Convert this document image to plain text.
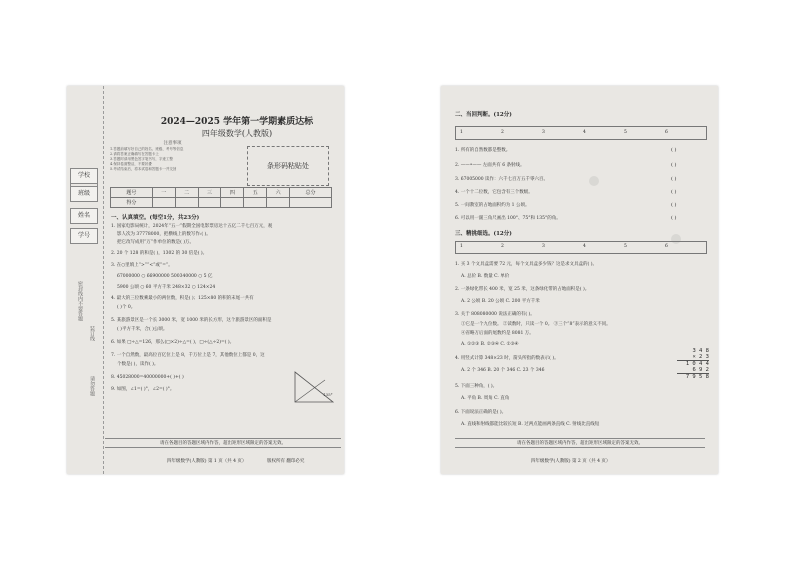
学校
班级
姓名
学号
密封线内不要答题
装订线
请勿答题
2024—2025 学年第一学期素质达标
四年级数学(人教版)
注意事项
1.答题前填写好自己的姓名、班级、考号等信息
2.请将答案正确填写在答题卡上
3.答题时请用黑色签字笔书写，字迹工整
4.保持卷面整洁，不要折叠
5.考试结束后，将本试卷和答题卡一并交回	条形码粘贴处
题号	一	二	三	四	五	六	总分
得分							
一、认真填空。(每空1分，共23分)
1. 国家电影局统计，2024年“五一”假期全国电影票房达十五亿二千七百万元，观
影人次为 37778000，把横线上的数写作:( )。
把它改写成用“万”作单位的数是( )万。
2. 20 个 128 的和是( )，1302 的 30 倍是( )。
3. 在○里填上“>”“<”或“=”。
67000000 ○ 66900000 500340000 ○ 5 亿
5900 公顷 ○ 60 平方千米 248×32 ○ 124×24
4. 最大的三位数乘最小的两位数，积是( )；125×80 的积的末尾一共有
( )个 0。
5. 某旅游景区是一个长 3000 米，宽 1000 米的长方形，这个旅游景区的面积是
( )平方千米，合( )公顷。
6. 如果 □÷△=126，那么(□×2)÷△=( )，□÷(△÷2)=( )。
7. 一个自然数，最高位百亿位上是 8，千万位上是 7，其他数位上都是 0，这
个数是( )，读作( )。
8. 45028000=40000000+( )+( )
9. 如图，∠1=( )°，∠2=( )°。
135°
请在各题目的答题区域内作答，超出矩形区域限定的答案无效。
四年级数学(人教版) 第 1 页（共 4 页）	版权所有 翻印必究
二、当回判断。(12分)
1	2	3	4	5	6
1. 所有的自然数都是整数。	( )
2. ——•—— 左面共有 6 条射线。	( )
3. 67005000 读作：六千七百万五千零六百。	( )
4. 一个十二位数，它包含有三个数级。	( )
5. 一间教室的占地面积约为 1 公顷。	( )
6. 可以用一副三角尺画出 100°、75°和 135°的角。	( )
三、精挑细选。(12分)
1	2	3	4	5	6
1. 买 3 个文具盒需要 72 元，每个文具盒多少钱？这是求文具盒的( )。
A. 总价 B. 数量 C. 单价
2. 一条绿化带长 400 米，宽 25 米，这条绿化带的占地面积是( )。
A. 2 公顷 B. 20 公顷 C. 200 平方千米
3. 关于 808080000 说法正确的有( )。
①它是一个九位数。 ②读数时，只读一个 0。 ③三个“8”表示的意义不同。
④省略万后面的尾数约是 8081 万。
A. ①②③ B. ②③④ C. ①③④
4. 用竖式计算 348×23 时，箭头所指的数表示( )。
A. 2 个 346 B. 20 个 346 C. 23 个 346
5. 下面三种角，( )。
A. 平角 B. 周角 C. 直角
6. 下面说法正确的是( )。
A. 直线和射线都能比较长短 B. 过两点能画两条直线 C. 射线比直线短
3 4 8
× 2 3
1 0 4 4
6 9 2
7 9 5 8
请在各题目的答题区域内作答，超出矩形区域限定的答案无效。
四年级数学(人教版) 第 2 页（共 4 页）
